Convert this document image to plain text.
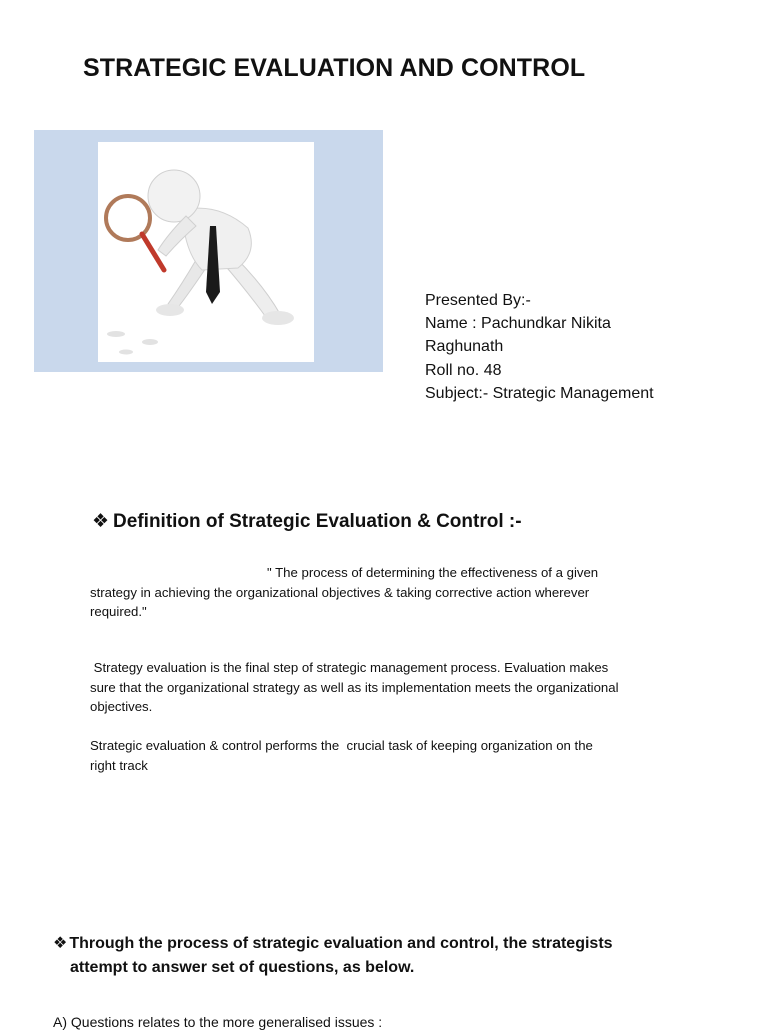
STRATEGIC EVALUATION AND CONTROL
Presented By:-
Name : Pachundkar Nikita
Raghunath
Roll no. 48
Subject:- Strategic Management
❖ Definition of Strategic Evaluation & Control :-
" The process of determining the effectiveness of a given
strategy in achieving the organizational objectives & taking corrective action wherever
required."
Strategy evaluation is the final step of strategic management process. Evaluation makes
sure that the organizational strategy as well as its implementation meets the organizational
objectives.
Strategic evaluation & control performs the  crucial task of keeping organization on the
right track
❖ Through the process of strategic evaluation and control, the strategists
attempt to answer set of questions, as below.
A) Questions relates to the more generalised issues :
